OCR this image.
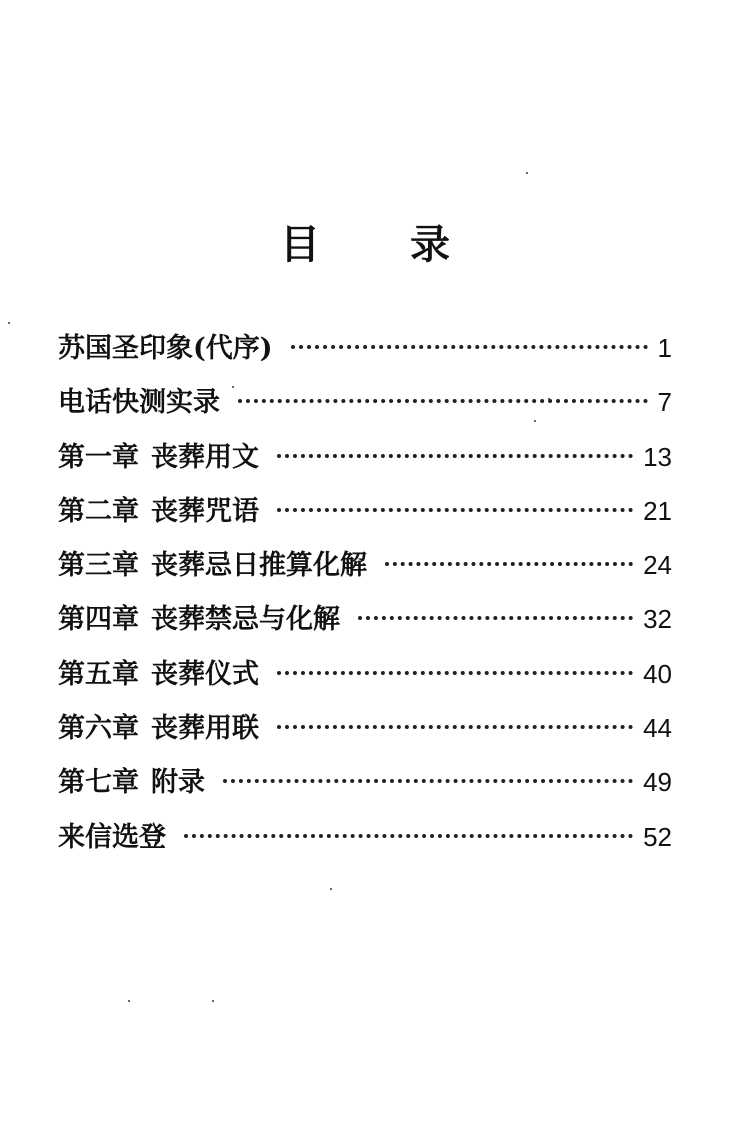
目 录
苏国圣印象(代序)	1
电话快测实录	7
第一章 丧葬用文	13
第二章 丧葬咒语	21
第三章 丧葬忌日推算化解	24
第四章 丧葬禁忌与化解	32
第五章 丧葬仪式	40
第六章 丧葬用联	44
第七章 附录	49
来信选登	52
